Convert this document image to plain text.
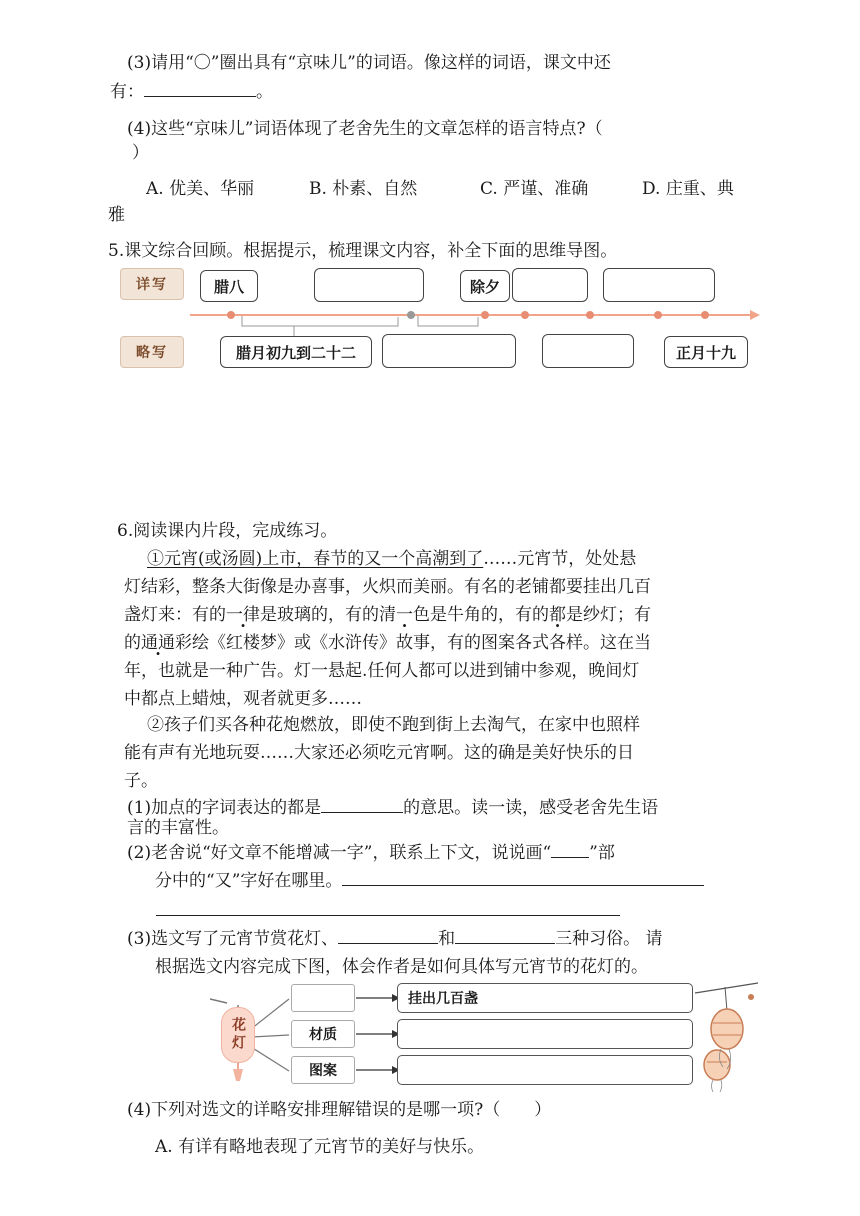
(3)请用“〇”圈出具有“京味儿”的词语。像这样的词语，课文中还
有：	。
(4)这些“京味儿”词语体现了老舍先生的文章怎样的语言特点?（
）
A. 优美、华丽	B. 朴素、自然	C. 严谨、准确	D. 庄重、典
雅
5.课文综合回顾。根据提示，梳理课文内容，补全下面的思维导图。
详写
略写
腊八	除夕
腊月初九到二十二	正月十九
6.阅读课内片段，完成练习。
①元宵(或汤圆)上市，春节的又一个高潮到了……元宵节，处处悬
灯结彩，整条大街像是办喜事，火炽而美丽。有名的老铺都要挂出几百
盏灯来：有的一律是玻璃的，有的清一色是牛角的，有的都是纱灯；有
的通通彩绘《红楼梦》或《水浒传》故事，有的图案各式各样。这在当
年，也就是一种广告。灯一悬起.任何人都可以进到铺中参观，晚间灯
中都点上蜡烛，观者就更多……
②孩子们买各种花炮燃放，即使不跑到街上去淘气，在家中也照样
能有声有光地玩耍……大家还必须吃元宵啊。这的确是美好快乐的日
子。
(1)加点的字词表达的都是	的意思。读一读，感受老舍先生语
言的丰富性。
(2)老舍说“好文章不能增减一字”，联系上下文，说说画“ ”部
分中的“又”字好在哪里。
(3)选文写了元宵节赏花灯、	和	三种习俗。 请
根据选文内容完成下图，体会作者是如何具体写元宵节的花灯的。
花灯	材质
图案
挂出几百盏
(4)下列对选文的详略安排理解错误的是哪一项?（　　）
A. 有详有略地表现了元宵节的美好与快乐。
